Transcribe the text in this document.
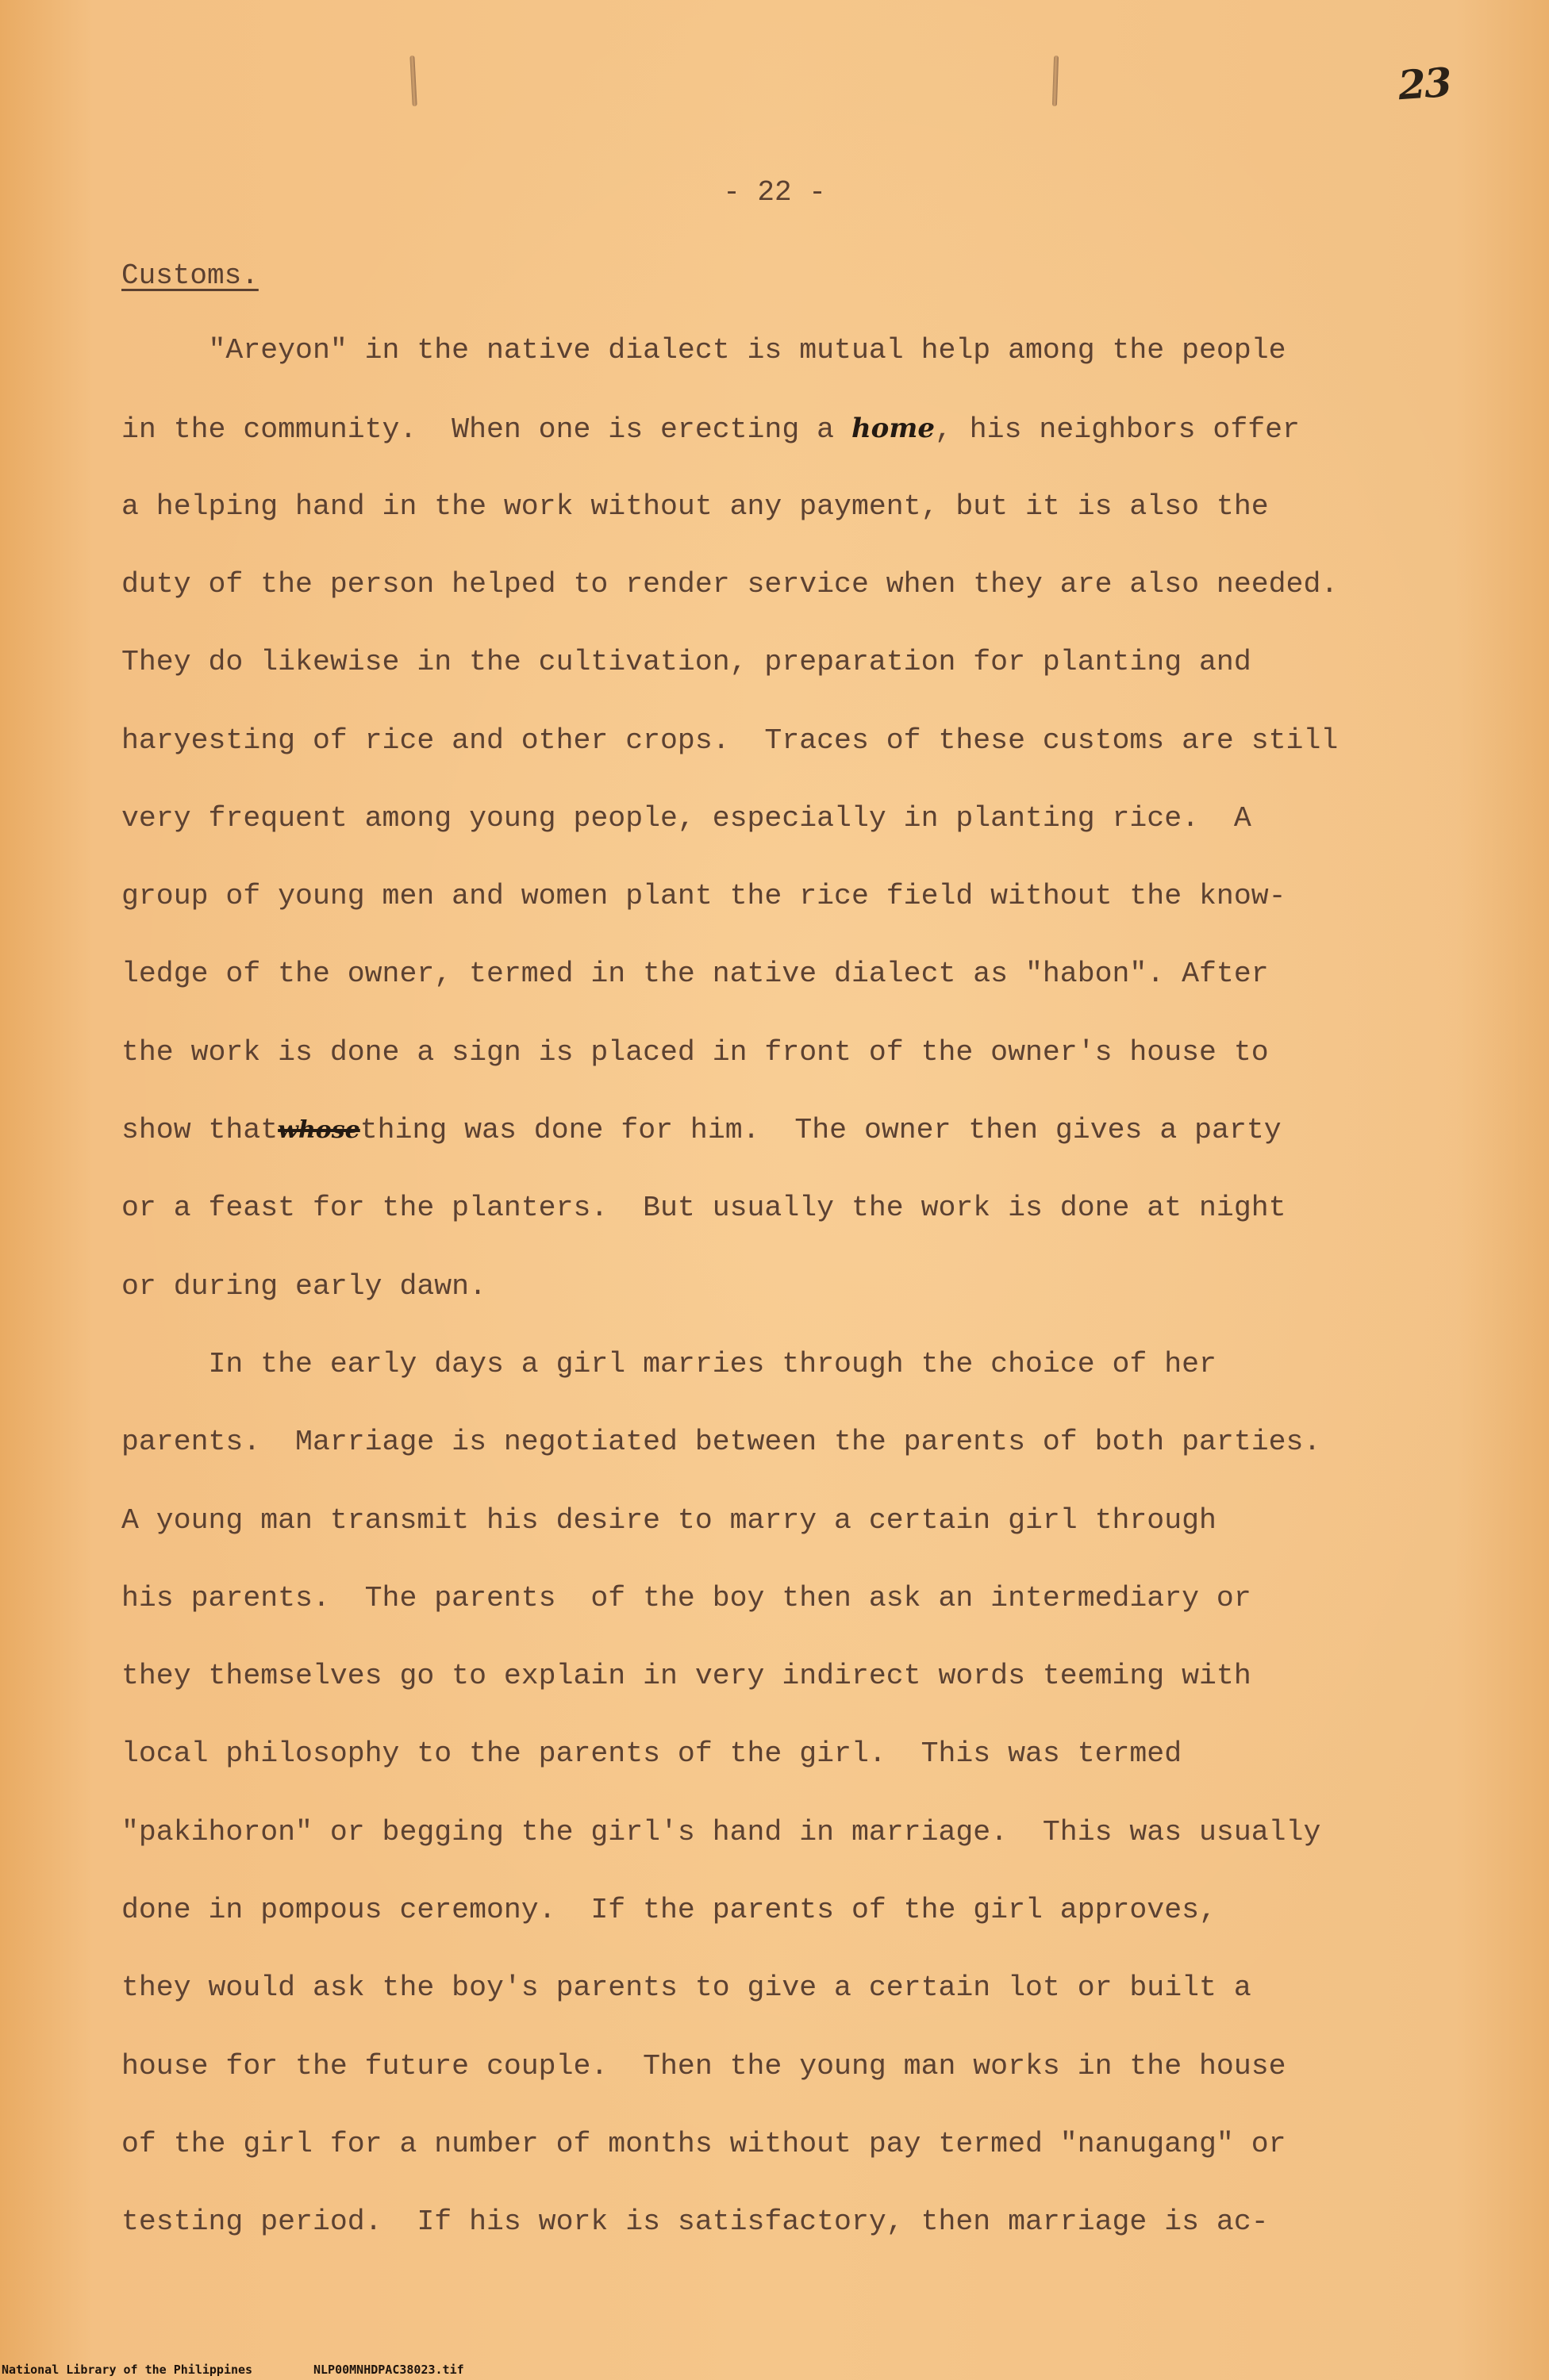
23
- 22 -
Customs.
"Areyon" in the native dialect is mutual help among the people
in the community.  When one is erecting a home, his neighbors offer
a helping hand in the work without any payment, but it is also the
duty of the person helped to render service when they are also needed.
They do likewise in the cultivation, preparation for planting and
haryesting of rice and other crops.  Traces of these customs are still
very frequent among young people, especially in planting rice.  A
group of young men and women plant the rice field without the know-
ledge of the owner, termed in the native dialect as "habon". After
the work is done a sign is placed in front of the owner's house to
show thatwhosething was done for him.  The owner then gives a party
or a feast for the planters.  But usually the work is done at night
or during early dawn.
In the early days a girl marries through the choice of her
parents.  Marriage is negotiated between the parents of both parties.
A young man transmit his desire to marry a certain girl through
his parents.  The parents  of the boy then ask an intermediary or
they themselves go to explain in very indirect words teeming with
local philosophy to the parents of the girl.  This was termed
"pakihoron" or begging the girl's hand in marriage.  This was usually
done in pompous ceremony.  If the parents of the girl approves,
they would ask the boy's parents to give a certain lot or built a
house for the future couple.  Then the young man works in the house
of the girl for a number of months without pay termed "nanugang" or
testing period.  If his work is satisfactory, then marriage is ac-
National Library of the Philippines	NLP00MNHDPAC38023.tif
